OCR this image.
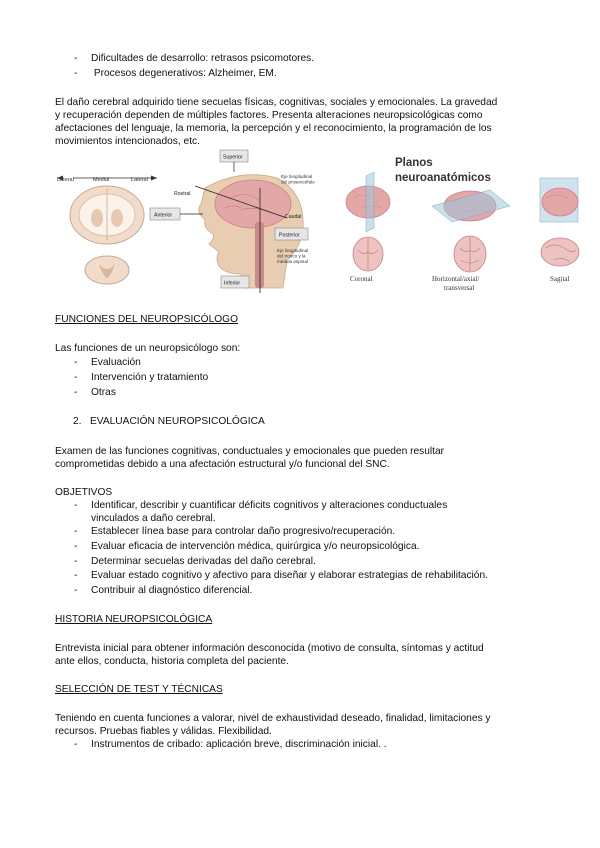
- Dificultades de desarrollo: retrasos psicomotores.
- Procesos degenerativos: Alzheimer, EM.
El daño cerebral adquirido tiene secuelas físicas, cognitivas, sociales y emocionales. La gravedad
y recuperación dependen de múltiples factores. Presenta alteraciones neuropsicológicas como
afectaciones del lenguaje, la memoria, la percepción y el reconocimiento, la programación de los
movimientos intencionados, etc.
Lateral	Medial	Lateral
Superior
Rostral
Anterior
Posterior
Caudal
Inferior
Eje longitudinal del prosencéfalo
Eje longitudinal del tronco y la médula espinal
Planos
neuroanatómicos
Coronal	Horizontal/axial/
transversal
Sagital
FUNCIONES DEL NEUROPSICÓLOGO
Las funciones de un neuropsicólogo son:
- Evaluación
- Intervención y tratamiento
- Otras
2. EVALUACIÓN NEUROPSICOLÓGICA
Examen de las funciones cognitivas, conductuales y emocionales que pueden resultar
comprometidas debido a una afectación estructural y/o funcional del SNC.
OBJETIVOS
- Identificar, describir y cuantificar déficits cognitivos y alteraciones conductuales
vinculados a daño cerebral.
- Establecer línea base para controlar daño progresivo/recuperación.
- Evaluar eficacia de intervención médica, quirúrgica y/o neuropsicológica.
- Determinar secuelas derivadas del daño cerebral.
- Evaluar estado cognitivo y afectivo para diseñar y elaborar estrategias de rehabilitación.
- Contribuir al diagnóstico diferencial.
HISTORIA NEUROPSICOLÓGICA
Entrevista inicial para obtener información desconocida (motivo de consulta, síntomas y actitud
ante ellos, conducta, historia completa del paciente.
SELECCIÓN DE TEST Y TÉCNICAS
Teniendo en cuenta funciones a valorar, nivel de exhaustividad deseado, finalidad, limitaciones y
recursos. Pruebas fiables y válidas. Flexibilidad.
- Instrumentos de cribado: aplicación breve, discriminación inicial. .
